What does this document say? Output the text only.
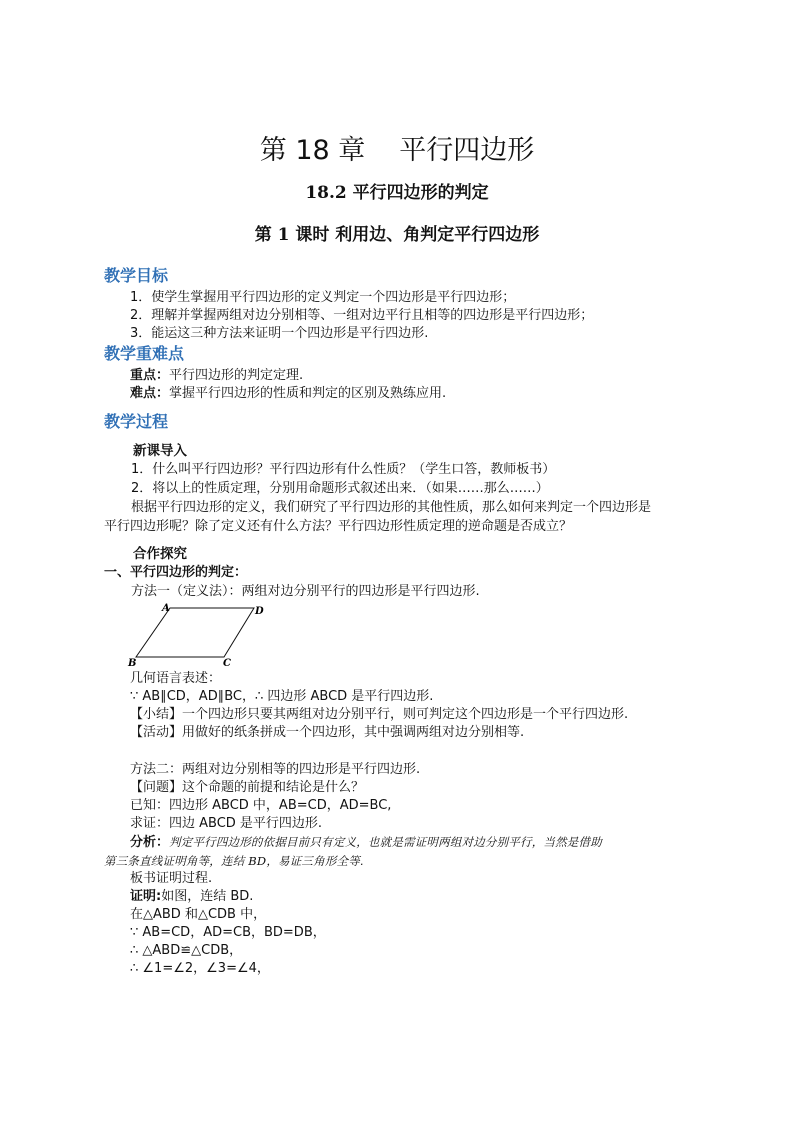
第 18 章 平行四边形
18.2 平行四边形的判定
第 1 课时 利用边、角判定平行四边形
教学目标
1．使学生掌握用平行四边形的定义判定一个四边形是平行四边形；
2．理解并掌握两组对边分别相等、一组对边平行且相等的四边形是平行四边形；
3．能运这三种方法来证明一个四边形是平行四边形.
教学重难点
重点：平行四边形的判定定理.
难点：掌握平行四边形的性质和判定的区别及熟练应用.
教学过程
新课导入
1．什么叫平行四边形？平行四边形有什么性质？（学生口答，教师板书）
2．将以上的性质定理，分别用命题形式叙述出来．（如果……那么……）
根据平行四边形的定义，我们研究了平行四边形的其他性质，那么如何来判定一个四边形是
平行四边形呢？除了定义还有什么方法？平行四边形性质定理的逆命题是否成立？
合作探究
一、平行四边形的判定：
方法一（定义法）：两组对边分别平行的四边形是平行四边形.
A	D
B	C
几何语言表述：
∵ AB∥CD，AD∥BC，∴ 四边形 ABCD 是平行四边形.
【小结】一个四边形只要其两组对边分别平行，则可判定这个四边形是一个平行四边形.
【活动】用做好的纸条拼成一个四边形，其中强调两组对边分别相等.
方法二：两组对边分别相等的四边形是平行四边形.
【问题】这个命题的前提和结论是什么？
已知：四边形 ABCD 中，AB=CD，AD=BC,
求证：四边 ABCD 是平行四边形.
分析：判定平行四边形的依据目前只有定义，也就是需证明两组对边分别平行，当然是借助
第三条直线证明角等，连结 BD，易证三角形全等.
板书证明过程.
证明:如图，连结 BD.
在△ABD 和△CDB 中，
∵ AB=CD，AD=CB，BD=DB，
∴ △ABD≌△CDB，
∴ ∠1=∠2，∠3=∠4，
